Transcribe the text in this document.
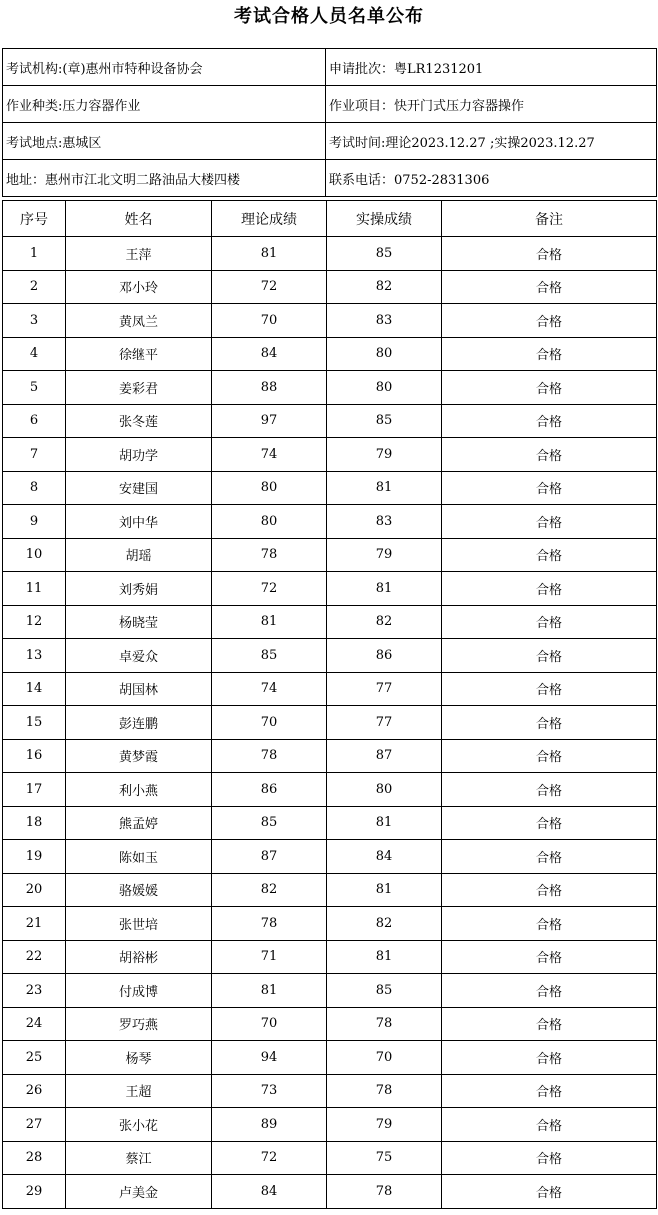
考试合格人员名单公布
考试机构:(章)惠州市特种设备协会	申请批次：粤LR1231201
作业种类:压力容器作业	作业项目：快开门式压力容器操作
考试地点:惠城区	考试时间:理论2023.12.27 ;实操2023.12.27
地址：惠州市江北文明二路油品大楼四楼	联系电话：0752-2831306
序号	姓名	理论成绩	实操成绩	备注
1	王萍	81	85	合格
2	邓小玲	72	82	合格
3	黄凤兰	70	83	合格
4	徐继平	84	80	合格
5	姜彩君	88	80	合格
6	张冬莲	97	85	合格
7	胡功学	74	79	合格
8	安建国	80	81	合格
9	刘中华	80	83	合格
10	胡瑶	78	79	合格
11	刘秀娟	72	81	合格
12	杨晓莹	81	82	合格
13	卓爱众	85	86	合格
14	胡国林	74	77	合格
15	彭连鹏	70	77	合格
16	黄梦霞	78	87	合格
17	利小燕	86	80	合格
18	熊孟婷	85	81	合格
19	陈如玉	87	84	合格
20	骆媛媛	82	81	合格
21	张世培	78	82	合格
22	胡裕彬	71	81	合格
23	付成博	81	85	合格
24	罗巧燕	70	78	合格
25	杨琴	94	70	合格
26	王超	73	78	合格
27	张小花	89	79	合格
28	蔡江	72	75	合格
29	卢美金	84	78	合格
